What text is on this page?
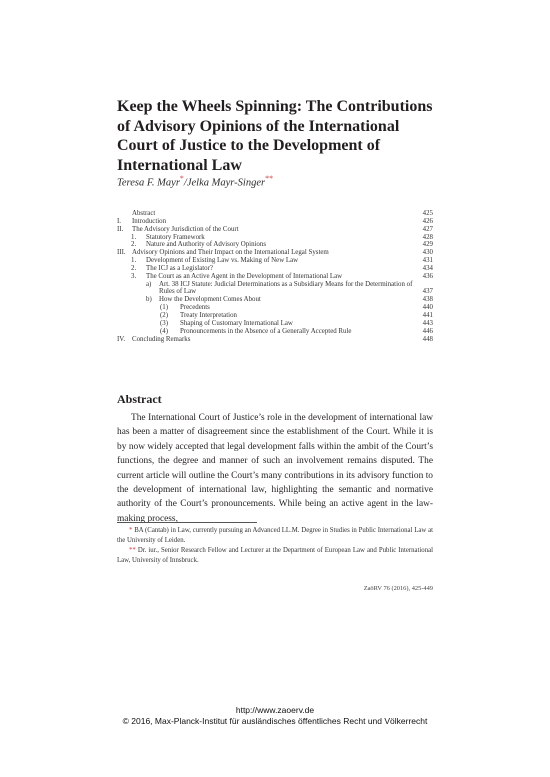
Keep the Wheels Spinning: The Contributions of Advisory Opinions of the International Court of Justice to the Development of International Law
Teresa F. Mayr*/Jelka Mayr-Singer**
Abstract	425
I.	Introduction	426
II.	The Advisory Jurisdiction of the Court	427
1.	Statutory Framework	428
2.	Nature and Authority of Advisory Opinions	429
III. Advisory Opinions and Their Impact on the International Legal System	430
1.	Development of Existing Law vs. Making of New Law	431
2.	The ICJ as a Legislator?	434
3.	The Court as an Active Agent in the Development of International Law	436
a)	Art. 38 ICJ Statute: Judicial Determinations as a Subsidiary Means for the Determination of Rules of Law	437
b)	How the Development Comes About	438
(1)	Precedents	440
(2)	Treaty Interpretation	441
(3)	Shaping of Customary International Law	443
(4)	Pronouncements in the Absence of a Generally Accepted Rule	446
IV. Concluding Remarks	448
Abstract

The International Court of Justice’s role in the development of international law has been a matter of disagreement since the establishment of the Court. While it is by now widely accepted that legal development falls within the ambit of the Court’s functions, the degree and manner of such an involvement remains disputed. The current article will outline the Court’s many contributions in its advisory function to the development of international law, highlighting the semantic and normative authority of the Court’s pronouncements. While being an active agent in the law-making process,

* BA (Cantab) in Law, currently pursuing an Advanced LL.M. Degree in Studies in Public International Law at the University of Leiden.

** Dr. iur., Senior Research Fellow and Lecturer at the Department of European Law and Public International Law, University of Innsbruck.

ZaöRV 76 (2016), 425-449
http://www.zaoerv.de
© 2016, Max-Planck-Institut für ausländisches öffentliches Recht und Völkerrecht
